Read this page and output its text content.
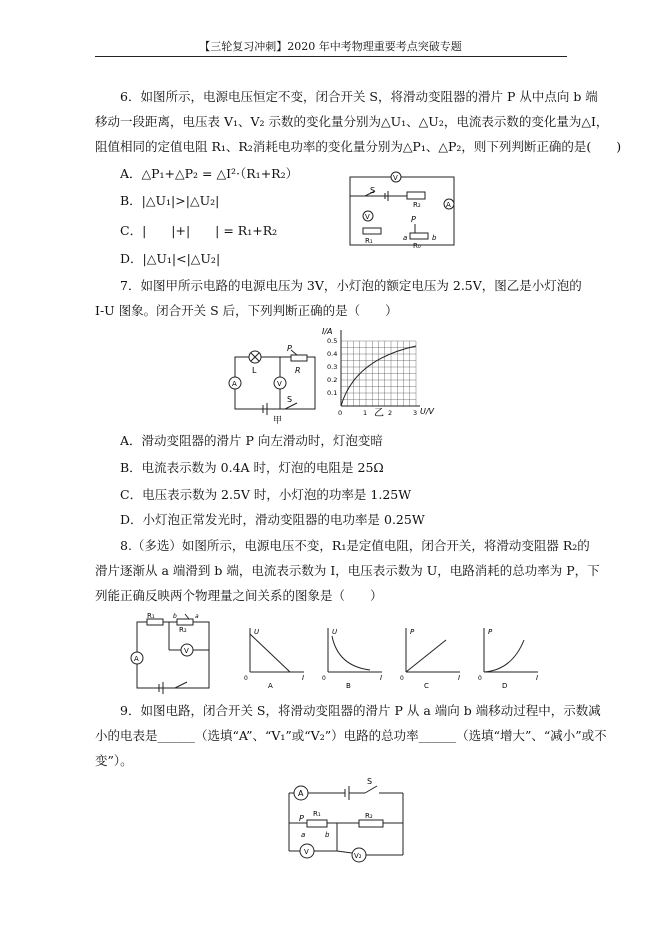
【三轮复习冲刺】2020 年中考物理重要考点突破专题
6．如图所示，电源电压恒定不变，闭合开关 S，将滑动变阻器的滑片 P 从中点向 b 端
移动一段距离，电压表 V₁、V₂ 示数的变化量分别为△U₁、△U₂，电流表示数的变化量为△I，
阻值相同的定值电阻 R₁、R₂消耗电功率的变化量分别为△P₁、△P₂，则下列判断正确的是(　　)
A．△P₁+△P₂ = △I²·（R₁+R₂）
B．|△U₁|>|△U₂|
C．|　　|+|　　| = R₁+R₂
D．|△U₁|<|△U₂|
S
V
V
A
R₂
P
R₁	a
R₀
b
7．如图甲所示电路的电源电压为 3V，小灯泡的额定电压为 2.5V，图乙是小灯泡的
I-U 图象。闭合开关 S 后，下列判断正确的是（　　）
P
L
V
R
A
S
甲
I/A
U/V
0.5
0.4
0.3
0.2
0.1
0	1	2	3
乙
A．滑动变阻器的滑片 P 向左滑动时，灯泡变暗
B．电流表示数为 0.4A 时，灯泡的电阻是 25Ω
C．电压表示数为 2.5V 时，小灯泡的功率是 1.25W
D．小灯泡正常发光时，滑动变阻器的电功率是 0.25W
8.（多选）如图所示，电源电压不变，R₁是定值电阻，闭合开关，将滑动变阻器 R₂的
滑片逐渐从 a 端滑到 b 端，电流表示数为 I，电压表示数为 U，电路消耗的总功率为 P，下
列能正确反映两个物理量之间关系的图象是（　　）
R₁
R₂
b	a
A
V
U
I
0
A
U
I
0
B
P
I
0
C
P
I
0
D
9．如图电路，闭合开关 S，将滑动变阻器的滑片 P 从 a 端向 b 端移动过程中，示数减
小的电表是______（选填“A”、“V₁”或“V₂”）电路的总功率______（选填“增大”、“减小”或不
变”）。
A
S
R₁	R₂
P
a	b
V	V₂
